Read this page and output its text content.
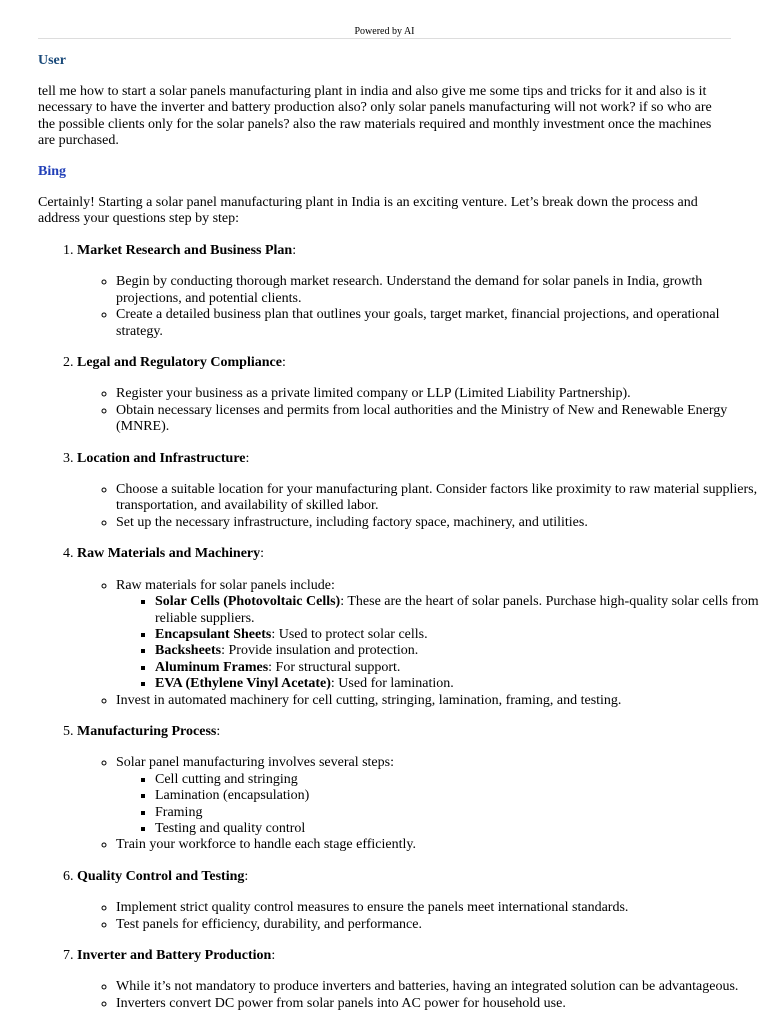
Powered by AI
User

tell me how to start a solar panels manufacturing plant in india and also give me some tips and tricks for it and also is it necessary to have the inverter and battery production also? only solar panels manufacturing will not work? if so who are the possible clients only for the solar panels? also the raw materials required and monthly investment once the machines are purchased.

Bing

Certainly! Starting a solar panel manufacturing plant in India is an exciting venture. Let’s break down the process and address your questions step by step:

1. Market Research and Business Plan:
◦ Begin by conducting thorough market research. Understand the demand for solar panels in India, growth projections, and potential clients.
◦ Create a detailed business plan that outlines your goals, target market, financial projections, and operational strategy.
2. Legal and Regulatory Compliance:
◦ Register your business as a private limited company or LLP (Limited Liability Partnership).
◦ Obtain necessary licenses and permits from local authorities and the Ministry of New and Renewable Energy (MNRE).
3. Location and Infrastructure:
◦ Choose a suitable location for your manufacturing plant. Consider factors like proximity to raw material suppliers, transportation, and availability of skilled labor.
◦ Set up the necessary infrastructure, including factory space, machinery, and utilities.
4. Raw Materials and Machinery:
◦ Raw materials for solar panels include:
▪ Solar Cells (Photovoltaic Cells): These are the heart of solar panels. Purchase high-quality solar cells from reliable suppliers.
▪ Encapsulant Sheets: Used to protect solar cells.
▪ Backsheets: Provide insulation and protection.
▪ Aluminum Frames: For structural support.
▪ EVA (Ethylene Vinyl Acetate): Used for lamination.
◦ Invest in automated machinery for cell cutting, stringing, lamination, framing, and testing.
5. Manufacturing Process:
◦ Solar panel manufacturing involves several steps:
▪ Cell cutting and stringing
▪ Lamination (encapsulation)
▪ Framing
▪ Testing and quality control
◦ Train your workforce to handle each stage efficiently.
6. Quality Control and Testing:
◦ Implement strict quality control measures to ensure the panels meet international standards.
◦ Test panels for efficiency, durability, and performance.
7. Inverter and Battery Production:
◦ While it’s not mandatory to produce inverters and batteries, having an integrated solution can be advantageous.
◦ Inverters convert DC power from solar panels into AC power for household use.
